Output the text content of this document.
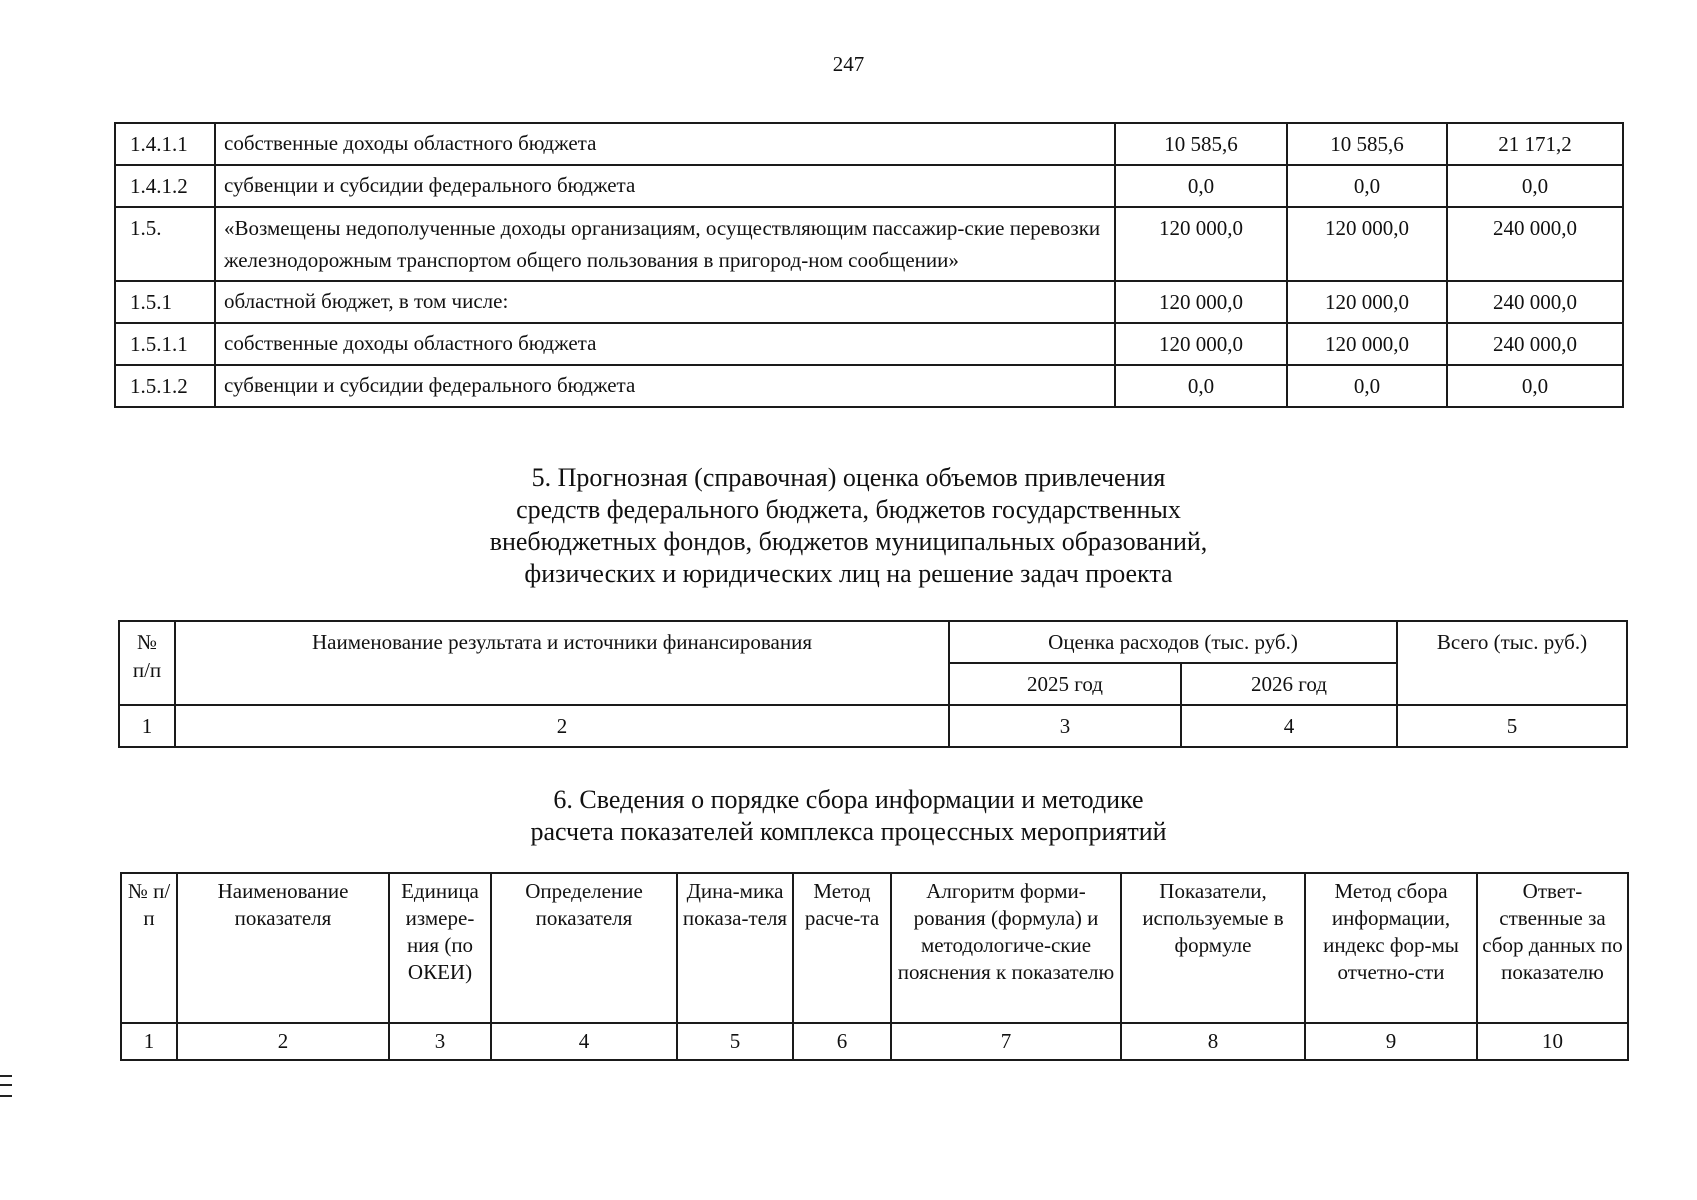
247
1.4.1.1	собственные доходы областного бюджета	10 585,6	10 585,6	21 171,2
1.4.1.2	субвенции и субсидии федерального бюджета	0,0	0,0	0,0
1.5.	«Возмещены недополученные доходы организациям, осуществляющим пассажир-ские перевозки железнодорожным транспортом общего пользования в пригород-ном сообщении»	120 000,0	120 000,0	240 000,0
1.5.1	областной бюджет, в том числе:	120 000,0	120 000,0	240 000,0
1.5.1.1	собственные доходы областного бюджета	120 000,0	120 000,0	240 000,0
1.5.1.2	субвенции и субсидии федерального бюджета	0,0	0,0	0,0
5. Прогнозная (справочная) оценка объемов привлечения
средств федерального бюджета, бюджетов государственных
внебюджетных фондов, бюджетов муниципальных образований,
физических и юридических лиц на решение задач проекта
№ п/п	Наименование результата и источники финансирования	Оценка расходов (тыс. руб.)		Всего (тыс. руб.)
		2025 год	2026 год	
1	2	3	4	5
6. Сведения о порядке сбора информации и методике
расчета показателей комплекса процессных мероприятий
№ п/п	Наименование показателя	Единица измере-ния (по ОКЕИ)	Определение показателя	Дина-мика показа-теля	Метод расче-та	Алгоритм форми-рования (формула) и методологиче-ские пояснения к показателю	Показатели, используемые в формуле	Метод сбора информации, индекс фор-мы отчетно-сти	Ответ-ственные за сбор данных по показателю
1	2	3	4	5	6	7	8	9	10
